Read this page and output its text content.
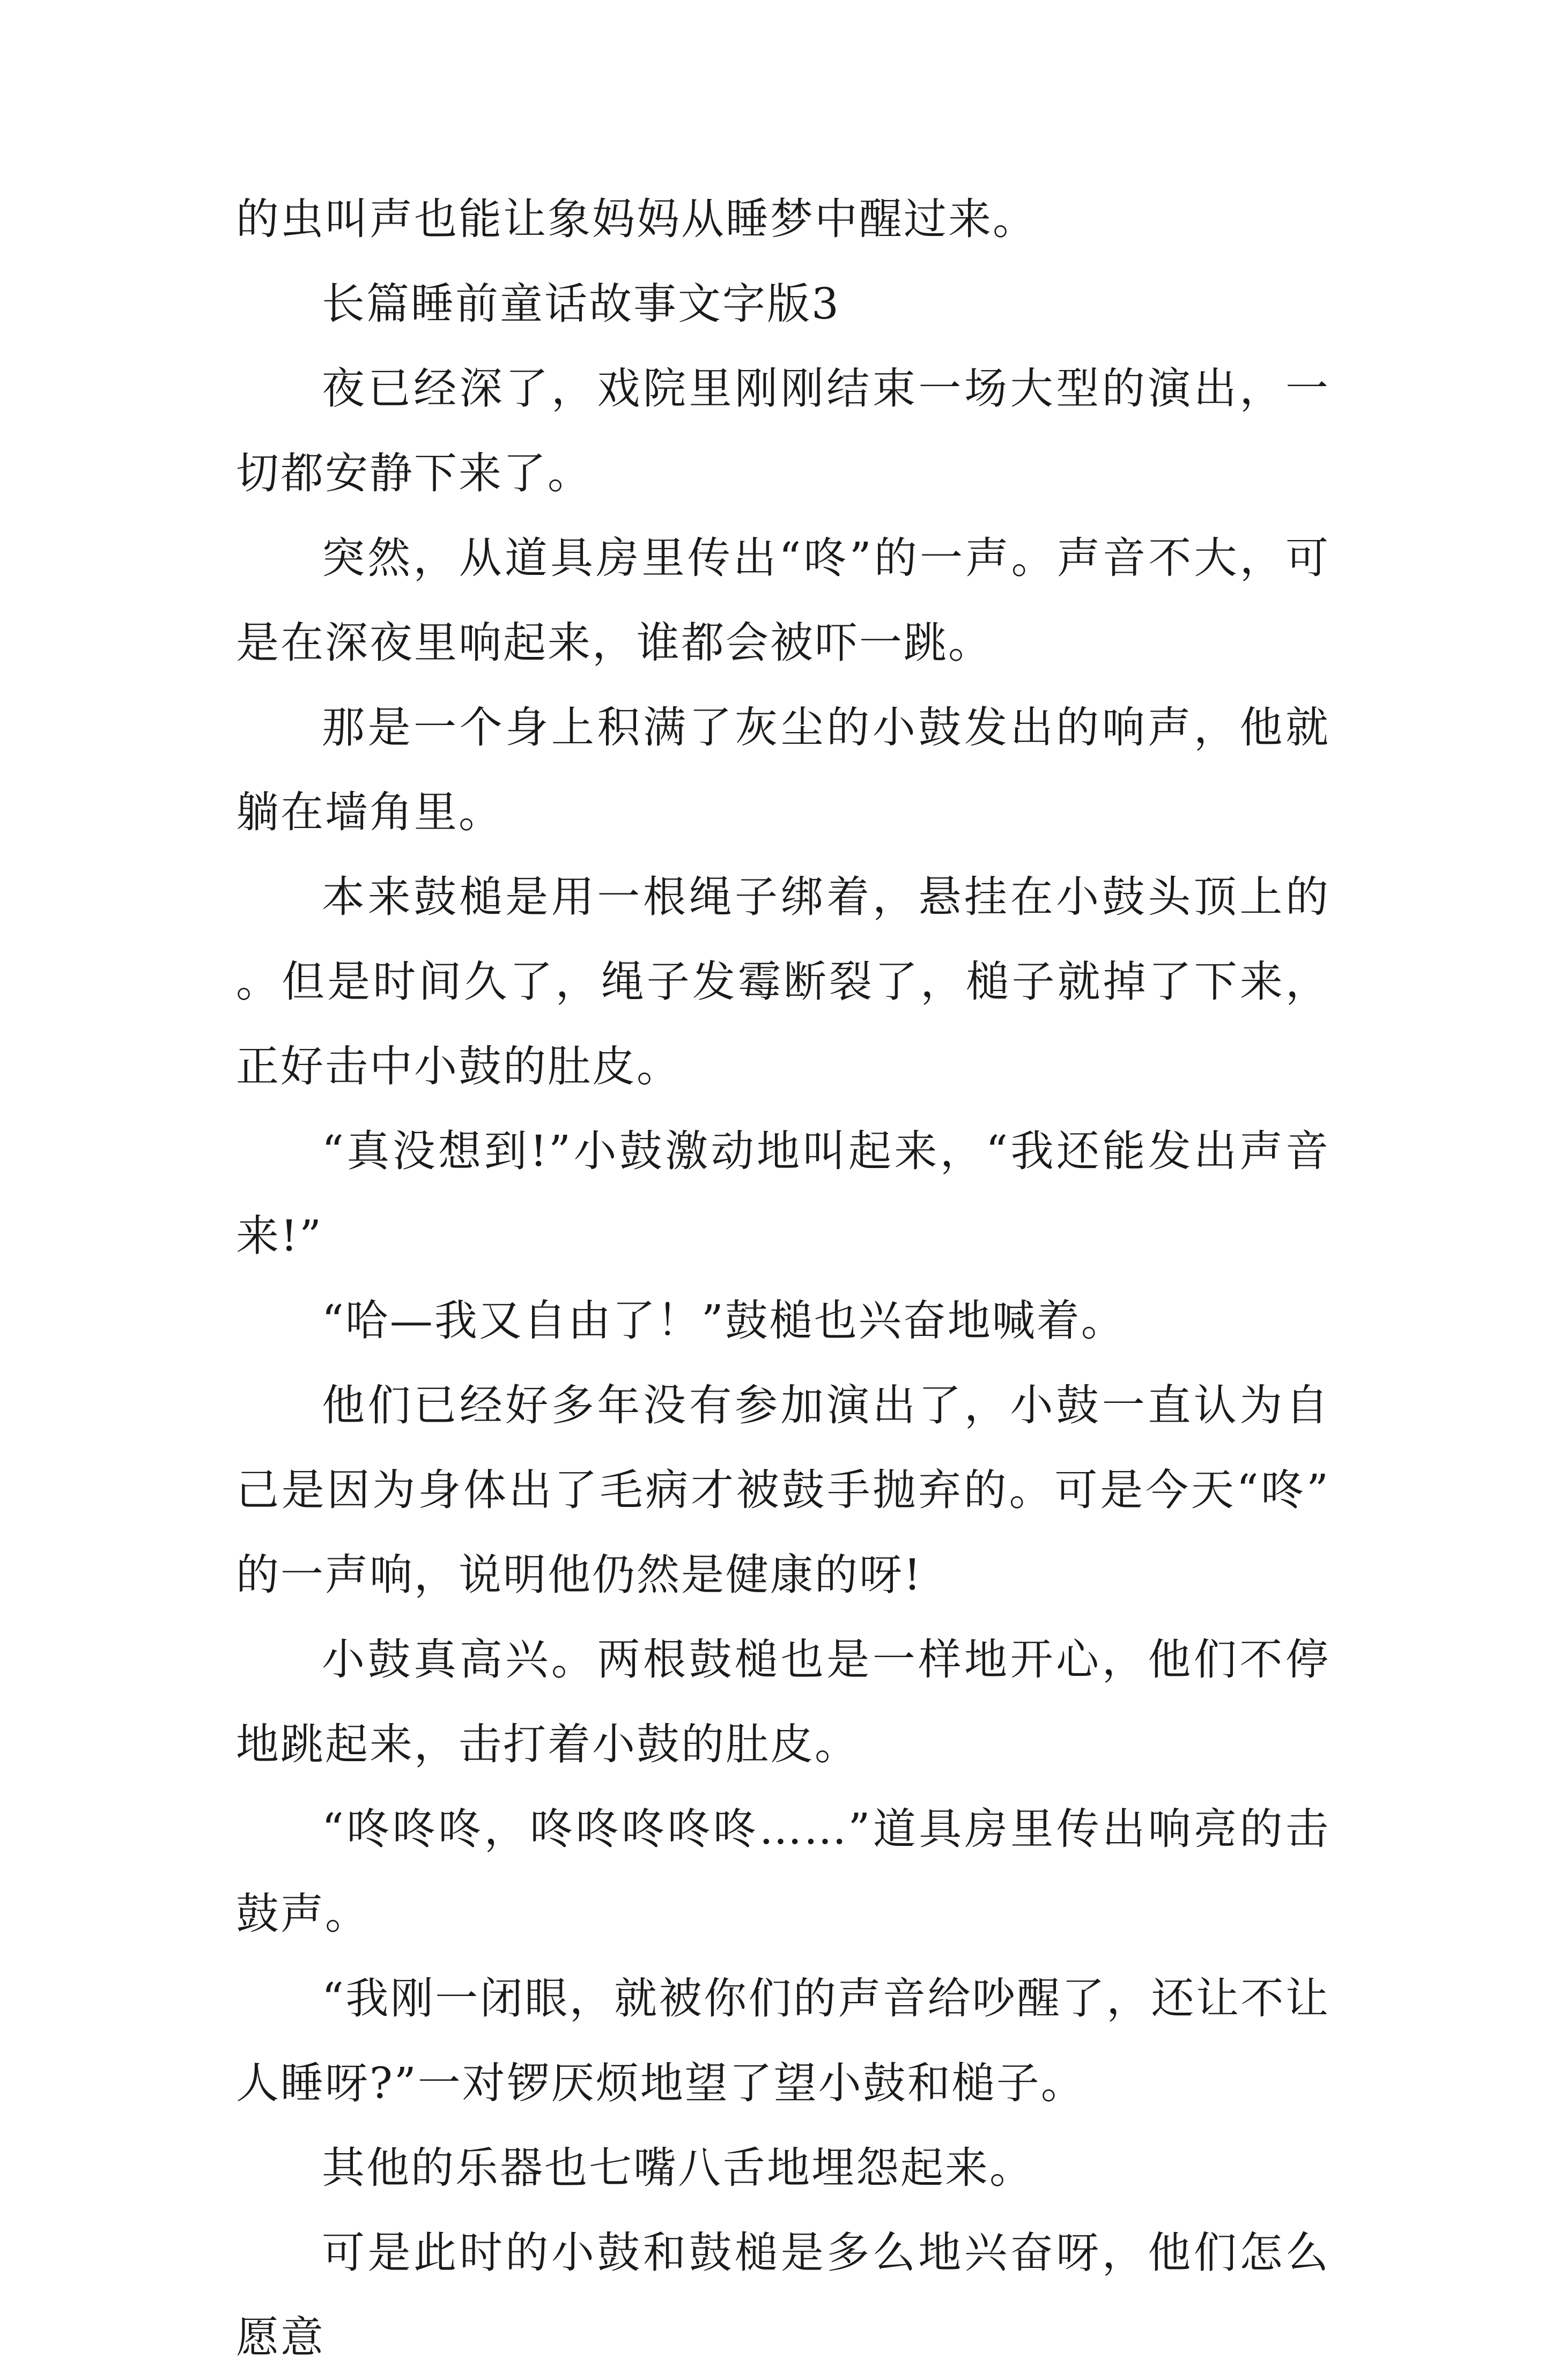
的虫叫声也能让象妈妈从睡梦中醒过来。

长篇睡前童话故事文字版3

夜已经深了，戏院里刚刚结束一场大型的演出，一切都安静下来了。

突然，从道具房里传出“咚”的一声。声音不大，可是在深夜里响起来，谁都会被吓一跳。

那是一个身上积满了灰尘的小鼓发出的响声，他就躺在墙角里。

本来鼓槌是用一根绳子绑着，悬挂在小鼓头顶上的。但是时间久了，绳子发霉断裂了，槌子就掉了下来，正好击中小鼓的肚皮。

“真没想到!”小鼓激动地叫起来，“我还能发出声音来!”

“哈—我又自由了！”鼓槌也兴奋地喊着。

他们已经好多年没有参加演出了，小鼓一直认为自己是因为身体出了毛病才被鼓手抛弃的。可是今天“咚”的一声响，说明他仍然是健康的呀!

小鼓真高兴。两根鼓槌也是一样地开心，他们不停地跳起来，击打着小鼓的肚皮。

“咚咚咚，咚咚咚咚咚……”道具房里传出响亮的击鼓声。

“我刚一闭眼，就被你们的声音给吵醒了，还让不让人睡呀?”一对锣厌烦地望了望小鼓和槌子。

其他的乐器也七嘴八舌地埋怨起来。

可是此时的小鼓和鼓槌是多么地兴奋呀，他们怎么愿意
